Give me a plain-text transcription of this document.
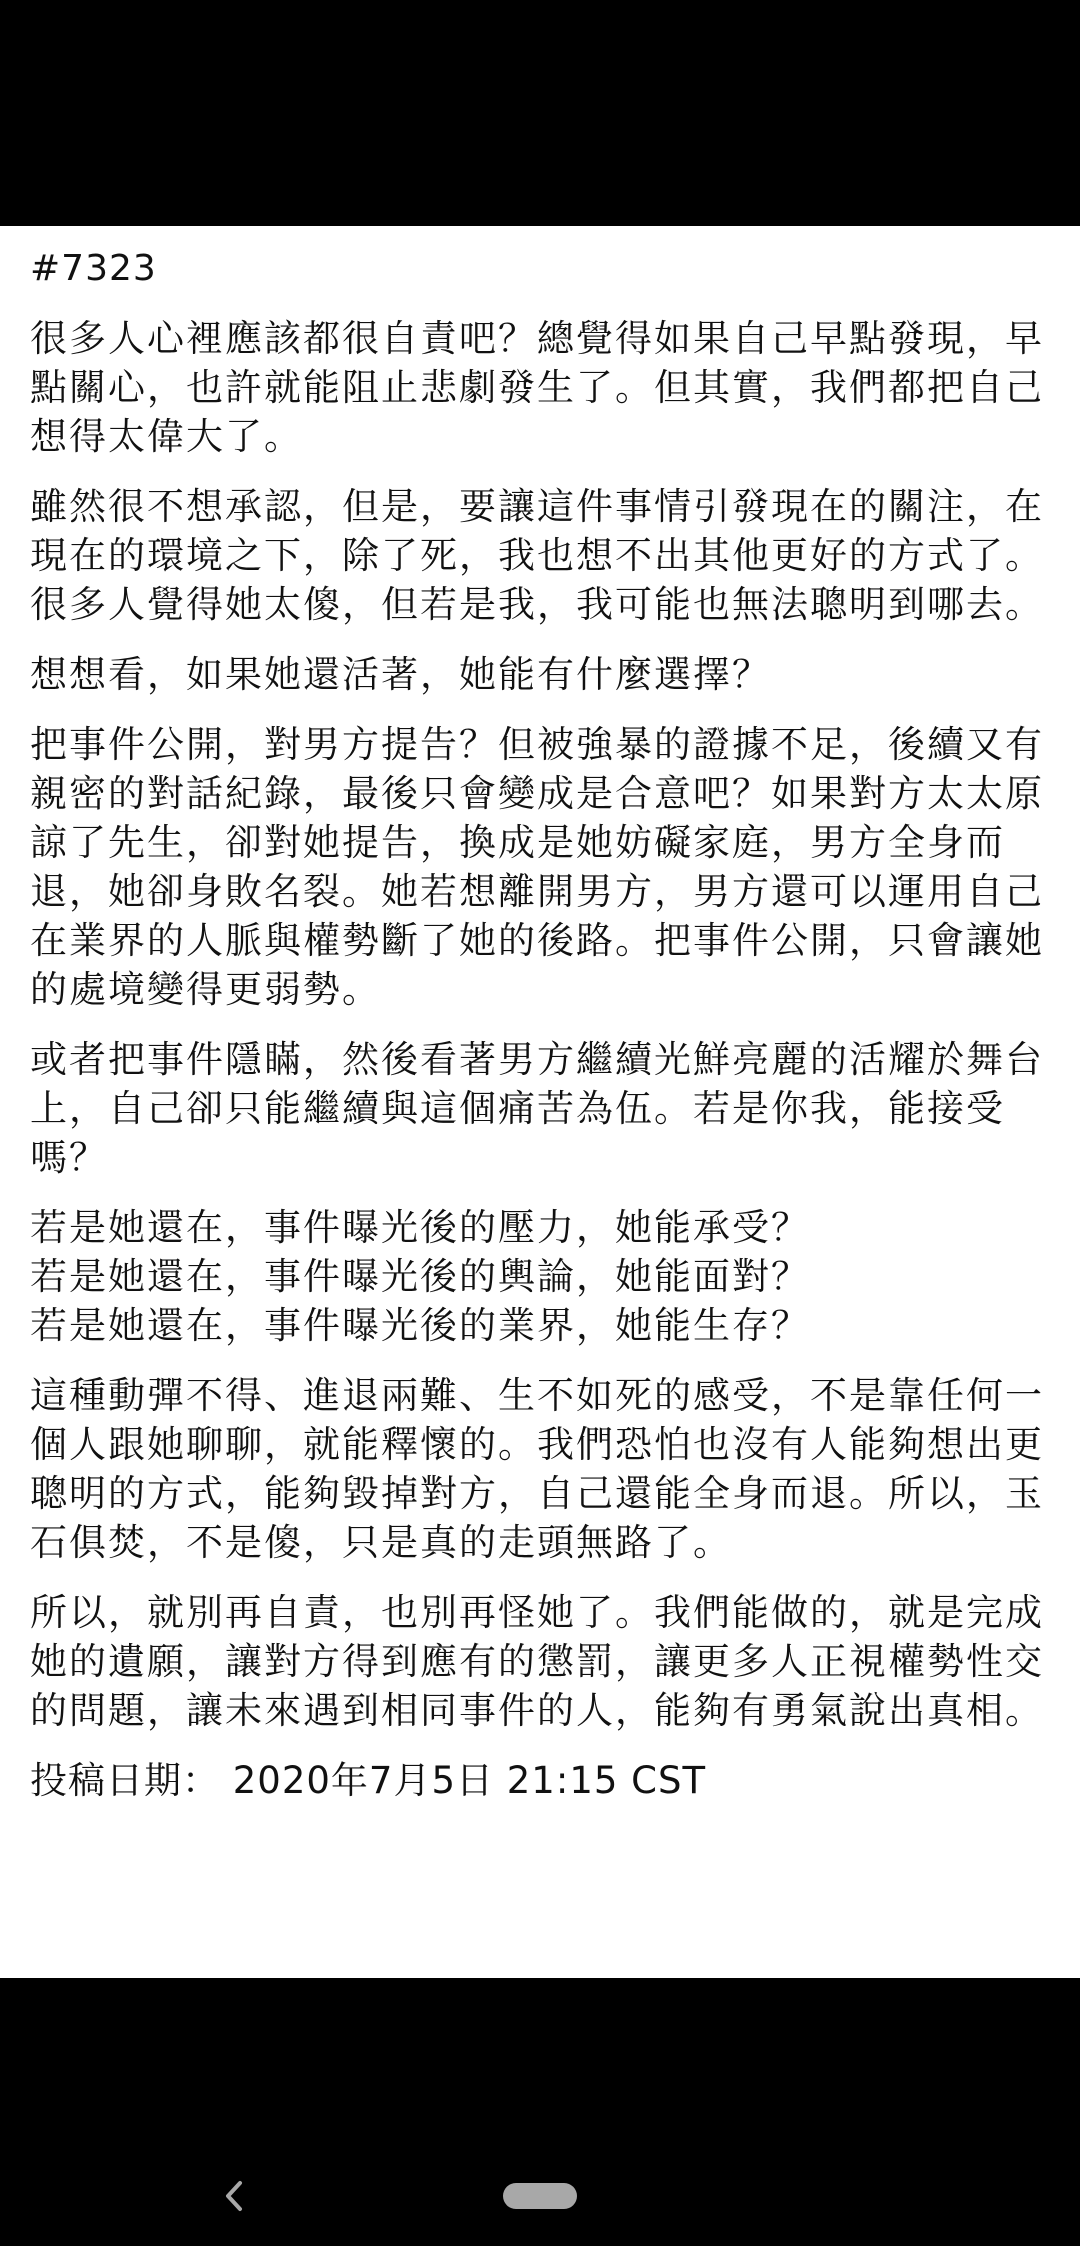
#7323
很多人心裡應該都很自責吧？總覺得如果自己早點發現，早點關心，也許就能阻止悲劇發生了。但其實，我們都把自己想得太偉大了。
雖然很不想承認，但是，要讓這件事情引發現在的關注，在現在的環境之下，除了死，我也想不出其他更好的方式了。很多人覺得她太傻，但若是我，我可能也無法聰明到哪去。
想想看，如果她還活著，她能有什麼選擇？
把事件公開，對男方提告？但被強暴的證據不足，後續又有親密的對話紀錄，最後只會變成是合意吧？如果對方太太原諒了先生，卻對她提告，換成是她妨礙家庭，男方全身而退，她卻身敗名裂。她若想離開男方，男方還可以運用自己在業界的人脈與權勢斷了她的後路。把事件公開，只會讓她的處境變得更弱勢。
或者把事件隱瞞，然後看著男方繼續光鮮亮麗的活耀於舞台上，自己卻只能繼續與這個痛苦為伍。若是你我，能接受嗎？
若是她還在，事件曝光後的壓力，她能承受？
若是她還在，事件曝光後的輿論，她能面對？
若是她還在，事件曝光後的業界，她能生存？
這種動彈不得、進退兩難、生不如死的感受，不是靠任何一個人跟她聊聊，就能釋懷的。我們恐怕也沒有人能夠想出更聰明的方式，能夠毀掉對方，自己還能全身而退。所以，玉石俱焚，不是傻，只是真的走頭無路了。
所以，就別再自責，也別再怪她了。我們能做的，就是完成她的遺願，讓對方得到應有的懲罰，讓更多人正視權勢性交的問題，讓未來遇到相同事件的人，能夠有勇氣說出真相。
投稿日期： 2020年7月5日 21:15 CST
